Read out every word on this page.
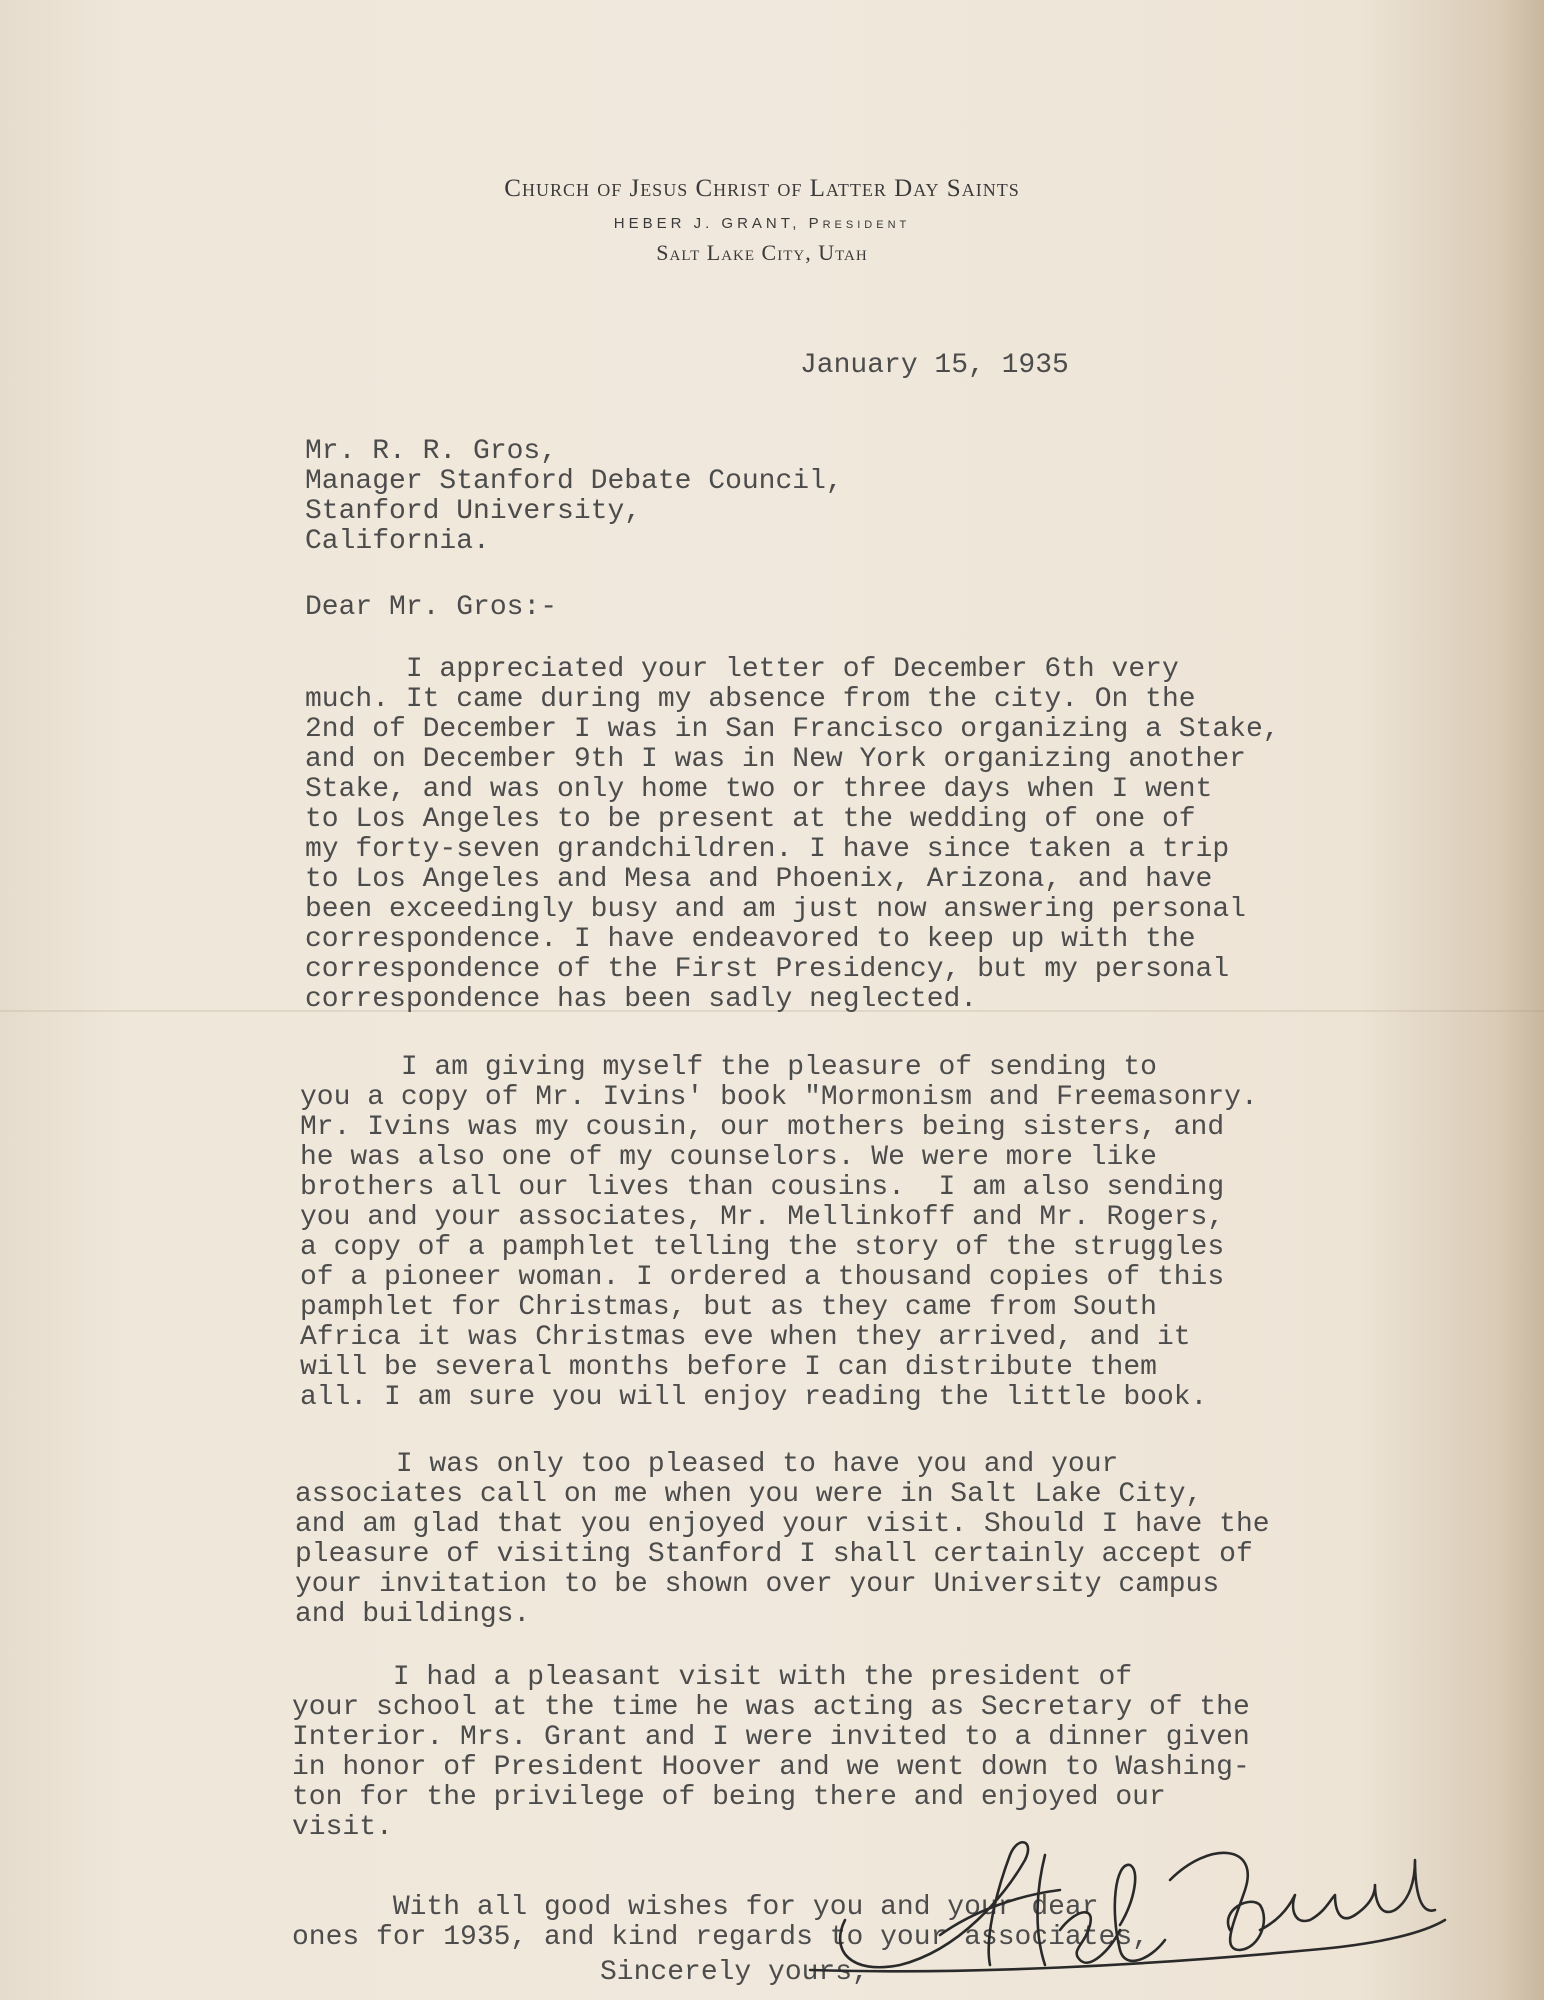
Church of Jesus Christ of Latter Day Saints
HEBER J. GRANT, President
Salt Lake City, Utah
January 15, 1935
Mr. R. R. Gros,
Manager Stanford Debate Council,
Stanford University,
California.
Dear Mr. Gros:-
I appreciated your letter of December 6th very
much. It came during my absence from the city. On the
2nd of December I was in San Francisco organizing a Stake,
and on December 9th I was in New York organizing another
Stake, and was only home two or three days when I went
to Los Angeles to be present at the wedding of one of
my forty-seven grandchildren. I have since taken a trip
to Los Angeles and Mesa and Phoenix, Arizona, and have
been exceedingly busy and am just now answering personal
correspondence. I have endeavored to keep up with the
correspondence of the First Presidency, but my personal
correspondence has been sadly neglected.
I am giving myself the pleasure of sending to
you a copy of Mr. Ivins' book "Mormonism and Freemasonry.
Mr. Ivins was my cousin, our mothers being sisters, and
he was also one of my counselors. We were more like
brothers all our lives than cousins.  I am also sending
you and your associates, Mr. Mellinkoff and Mr. Rogers,
a copy of a pamphlet telling the story of the struggles
of a pioneer woman. I ordered a thousand copies of this
pamphlet for Christmas, but as they came from South
Africa it was Christmas eve when they arrived, and it
will be several months before I can distribute them
all. I am sure you will enjoy reading the little book.
I was only too pleased to have you and your
associates call on me when you were in Salt Lake City,
and am glad that you enjoyed your visit. Should I have the
pleasure of visiting Stanford I shall certainly accept of
your invitation to be shown over your University campus
and buildings.
I had a pleasant visit with the president of
your school at the time he was acting as Secretary of the
Interior. Mrs. Grant and I were invited to a dinner given
in honor of President Hoover and we went down to Washing-
ton for the privilege of being there and enjoyed our
visit.
With all good wishes for you and your dear
ones for 1935, and kind regards to your associates,
Sincerely yours,
